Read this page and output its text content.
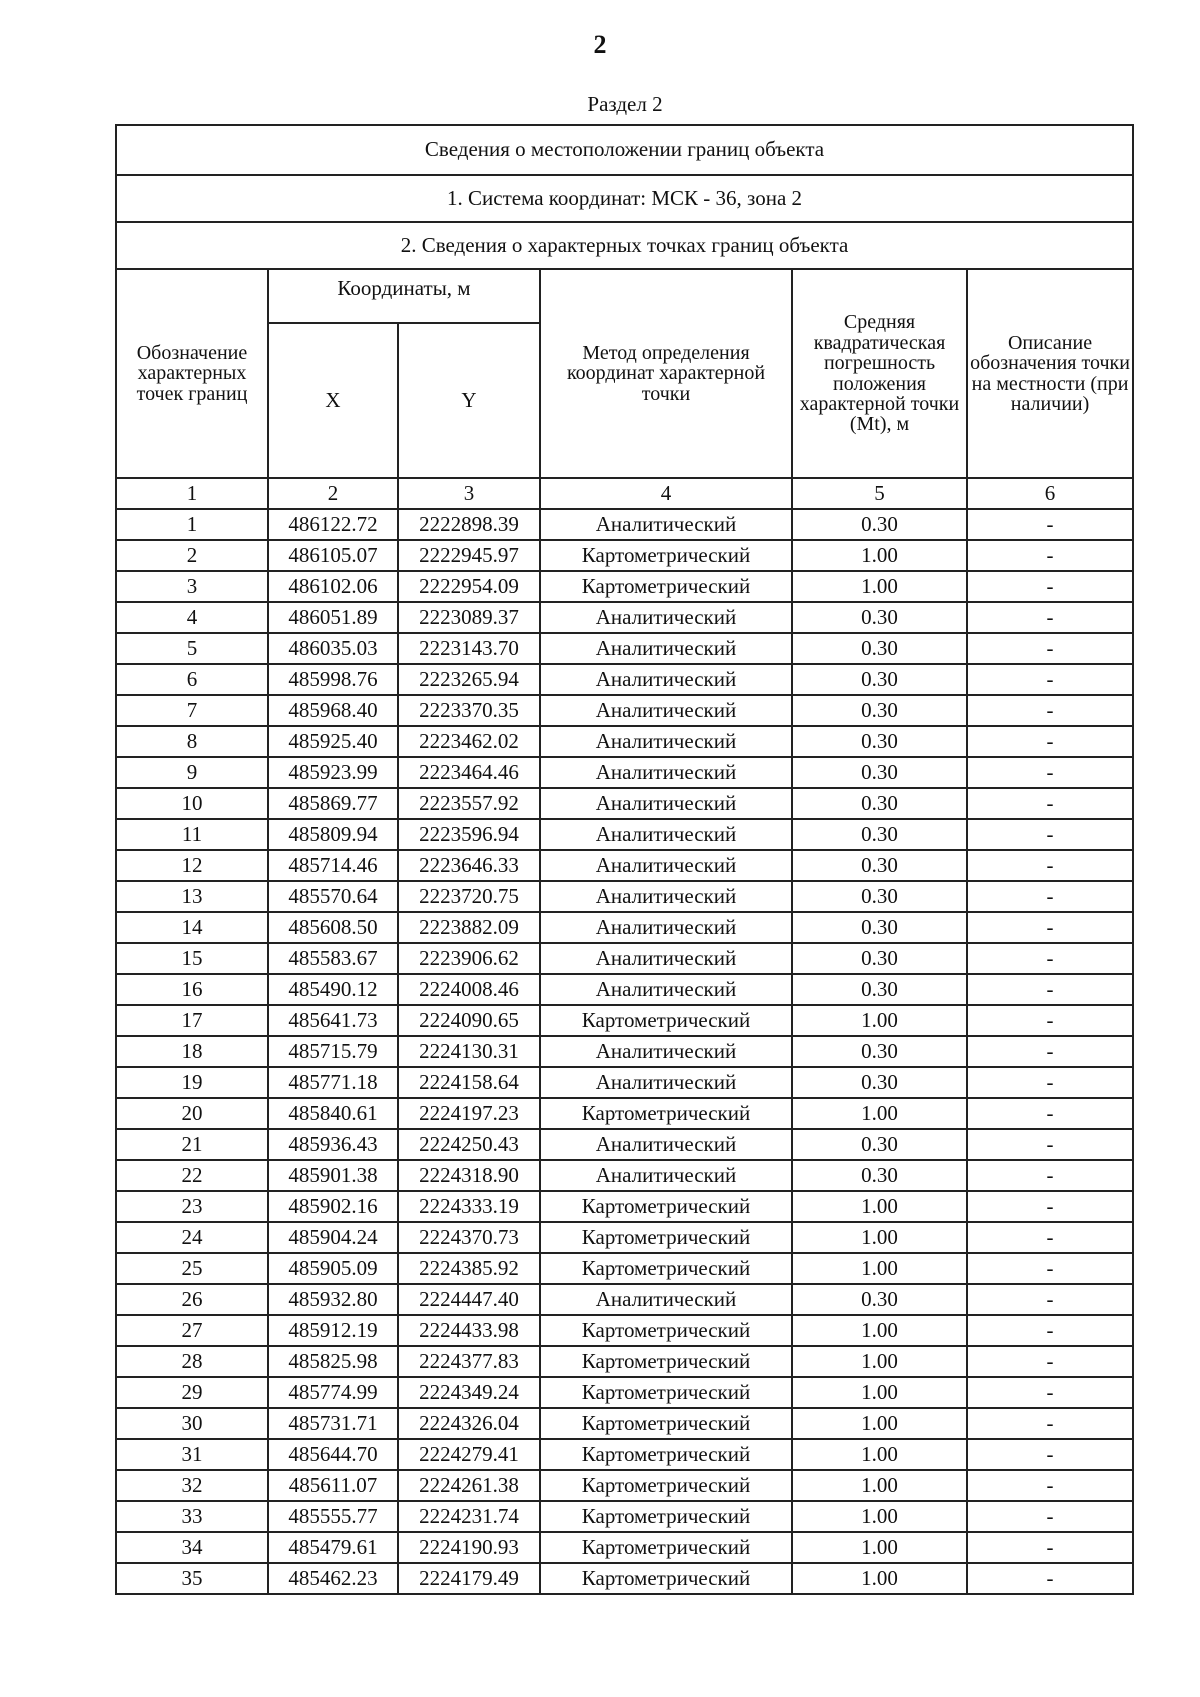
2
Раздел 2
Сведения о местоположении границ объекта					
1. Система координат: МСК - 36, зона 2					
2. Сведения о характерных точках границ объекта					
Обозначение характерных точек границ	Координаты, м		Метод определения координат характерной точки	Средняя квадратическая погрешность положения характерной точки (Mt), м	Описание обозначения точки на местности (при наличии)
	X	Y			
1	2	3	4	5	6
1	486122.72	2222898.39	Аналитический	0.30	-
2	486105.07	2222945.97	Картометрический	1.00	-
3	486102.06	2222954.09	Картометрический	1.00	-
4	486051.89	2223089.37	Аналитический	0.30	-
5	486035.03	2223143.70	Аналитический	0.30	-
6	485998.76	2223265.94	Аналитический	0.30	-
7	485968.40	2223370.35	Аналитический	0.30	-
8	485925.40	2223462.02	Аналитический	0.30	-
9	485923.99	2223464.46	Аналитический	0.30	-
10	485869.77	2223557.92	Аналитический	0.30	-
11	485809.94	2223596.94	Аналитический	0.30	-
12	485714.46	2223646.33	Аналитический	0.30	-
13	485570.64	2223720.75	Аналитический	0.30	-
14	485608.50	2223882.09	Аналитический	0.30	-
15	485583.67	2223906.62	Аналитический	0.30	-
16	485490.12	2224008.46	Аналитический	0.30	-
17	485641.73	2224090.65	Картометрический	1.00	-
18	485715.79	2224130.31	Аналитический	0.30	-
19	485771.18	2224158.64	Аналитический	0.30	-
20	485840.61	2224197.23	Картометрический	1.00	-
21	485936.43	2224250.43	Аналитический	0.30	-
22	485901.38	2224318.90	Аналитический	0.30	-
23	485902.16	2224333.19	Картометрический	1.00	-
24	485904.24	2224370.73	Картометрический	1.00	-
25	485905.09	2224385.92	Картометрический	1.00	-
26	485932.80	2224447.40	Аналитический	0.30	-
27	485912.19	2224433.98	Картометрический	1.00	-
28	485825.98	2224377.83	Картометрический	1.00	-
29	485774.99	2224349.24	Картометрический	1.00	-
30	485731.71	2224326.04	Картометрический	1.00	-
31	485644.70	2224279.41	Картометрический	1.00	-
32	485611.07	2224261.38	Картометрический	1.00	-
33	485555.77	2224231.74	Картометрический	1.00	-
34	485479.61	2224190.93	Картометрический	1.00	-
35	485462.23	2224179.49	Картометрический	1.00	-
